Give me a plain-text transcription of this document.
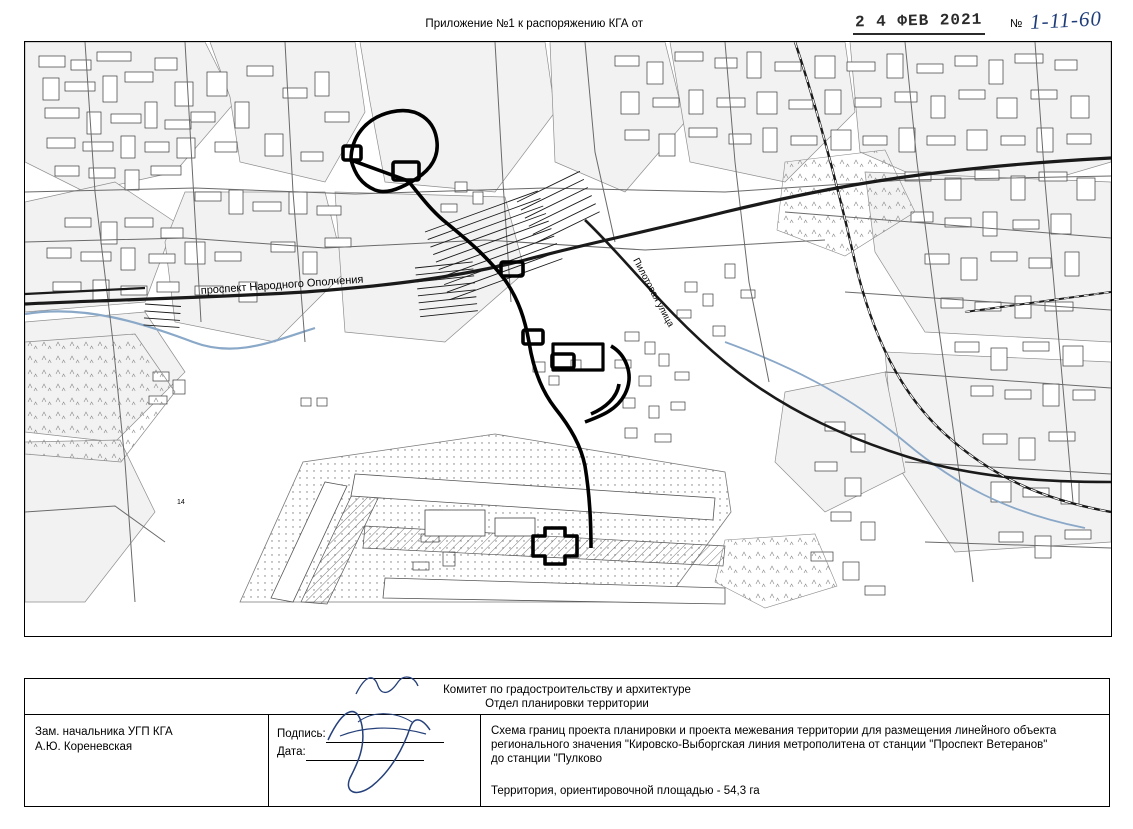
Приложение №1 к распоряжению КГА от	2 4 ФЕВ 2021 № 1-11-60
проспект Народного Ополчения	Пилотовая улица
14
Комитет по градостроительству и архитектуре
Отдел планировки территории
Зам. начальника УГП КГА
А.Ю. Кореневская
Подпись:
Дата:

Схема границ проекта планировки и проекта межевания территории для размещения линейного объекта

регионального значения "Кировско-Выборгская линия метрополитена от станции "Проспект Ветеранов"

до станции "Пулково

Территория, ориентировочной площадью - 54,3 га
